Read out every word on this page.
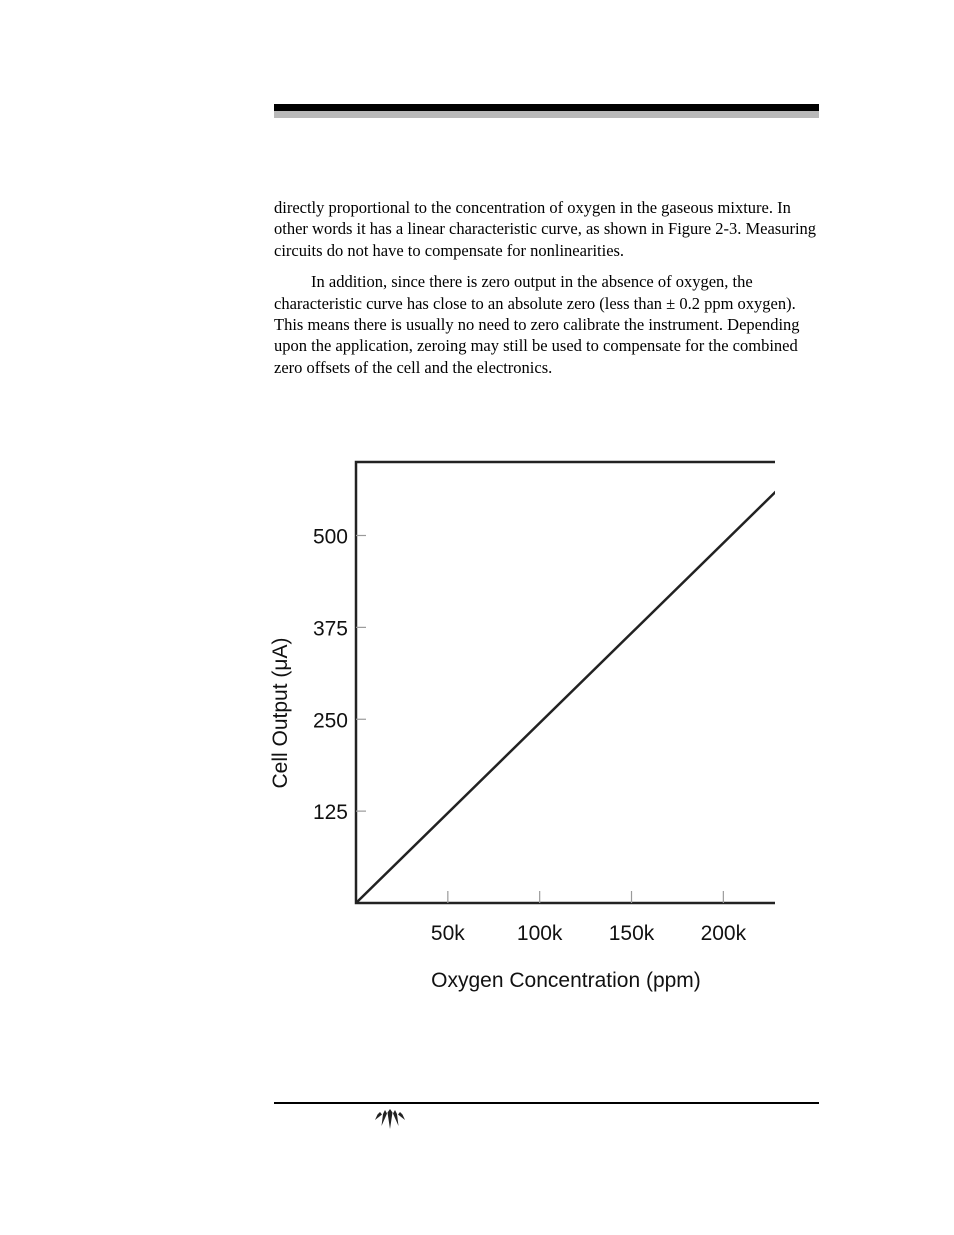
directly proportional to the concentration of oxygen in the gaseous mixture. In other words it has a linear characteristic curve, as shown in Figure 2-3. Measuring circuits do not have to compensate for nonlinearities.

In addition, since there is zero output in the absence of oxygen, the characteristic curve has close to an absolute zero (less than ± 0.2 ppm oxygen). This means there is usually no need to zero calibrate the instrument. Depending upon the application, zeroing may still be used to compensate for the combined zero offsets of the cell and the electronics.

125
250
375
500
50k 100k 150k 200k
Oxygen Concentration (ppm)
Cell Output (μA)
